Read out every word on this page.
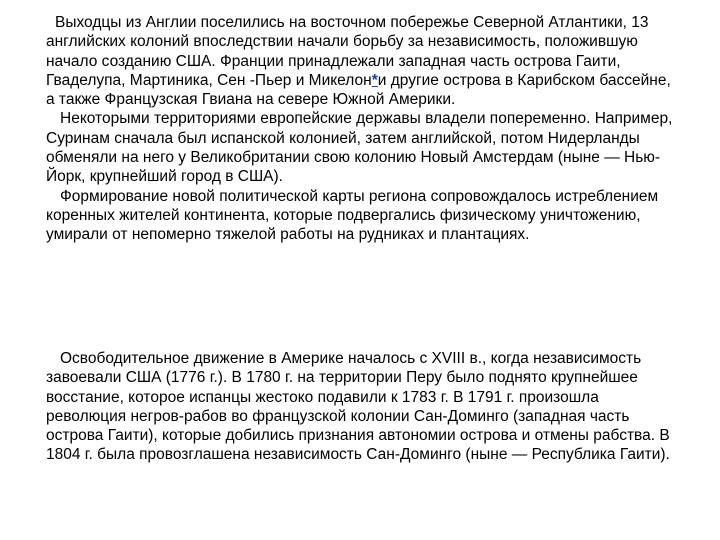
Выходцы из Англии поселились на восточном побережье Северной Атлантики, 13 английских колоний впоследствии начали борьбу за независимость, положившую начало созданию США. Франции принадлежали западная часть острова Гаити, Гваделупа, Мартиника, Сен -Пьер и Микелон*и другие острова в Карибском бассейне, а также Французская Гвиана на севере Южной Америки.

Некоторыми территориями европейские державы владели попеременно. Например, Суринам сначала был испанской колонией, затем английской, потом Нидерланды обменяли на него у Великобритании свою колонию Новый Амстердам (ныне — Нью-Йорк, крупнейший город в США).

Формирование новой политической карты региона сопровождалось истреблением коренных жителей континента, которые подвергались физическому уничтожению, умирали от непомерно тяжелой работы на рудниках и плантациях.

Освободительное движение в Америке началось с XVIII в., когда независимость завоевали США (1776 г.). В 1780 г. на территории Перу было поднято крупнейшее восстание, которое испанцы жестоко подавили к 1783 г. В 1791 г. произошла революция негров-рабов во французской колонии Сан-Доминго (западная часть острова Гаити), которые добились признания автономии острова и отмены рабства. В 1804 г. была провозглашена независимость Сан-Доминго (ныне — Республика Гаити).
